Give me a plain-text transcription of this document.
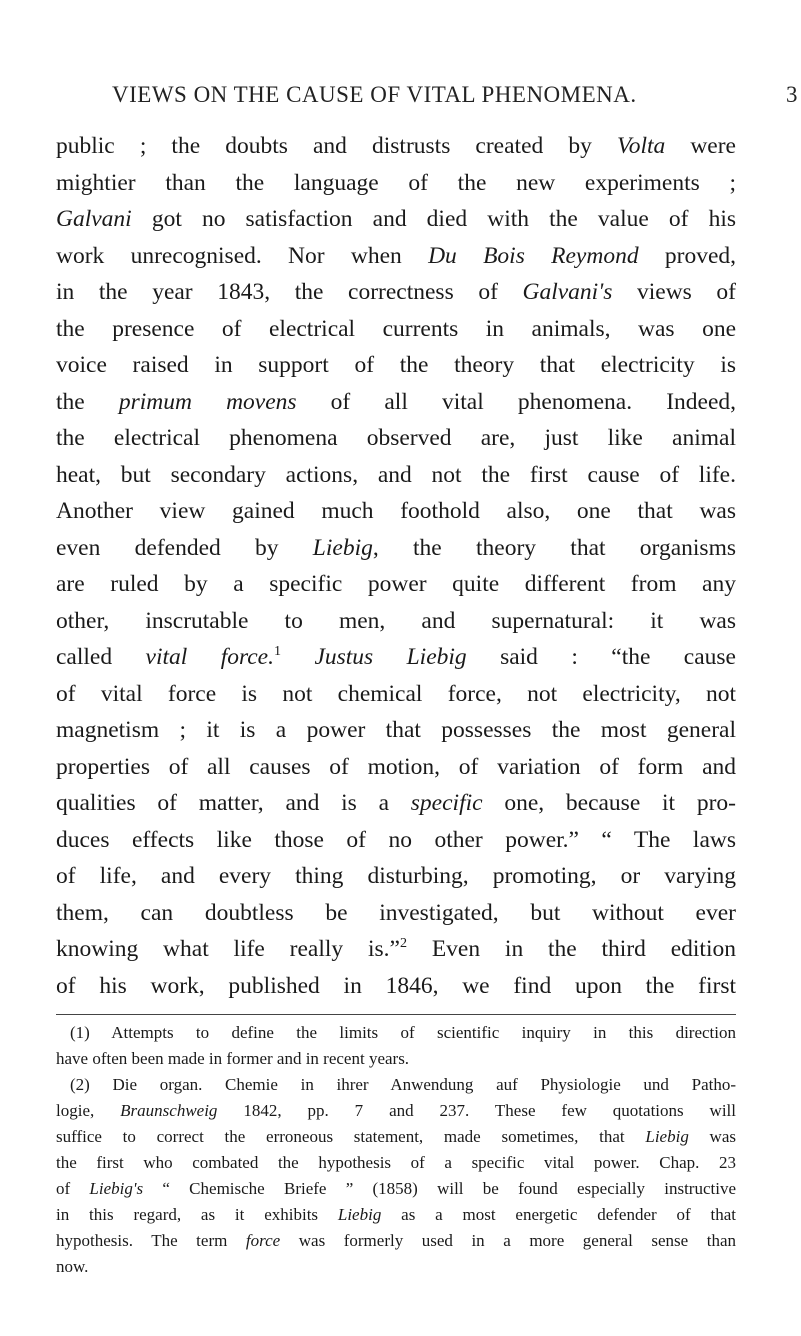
VIEWS ON THE CAUSE OF VITAL PHENOMENA.	3
public ; the doubts and distrusts created by Volta were
mightier than the language of the new experiments ;
Galvani got no satisfaction and died with the value of his
work unrecognised. Nor when Du Bois Reymond proved,
in the year 1843, the correctness of Galvani's views of
the presence of electrical currents in animals, was one
voice raised in support of the theory that electricity is
the primum movens of all vital phenomena. Indeed,
the electrical phenomena observed are, just like animal
heat, but secondary actions, and not the first cause of life.
Another view gained much foothold also, one that was
even defended by Liebig, the theory that organisms
are ruled by a specific power quite different from any
other, inscrutable to men, and supernatural: it was
called vital force.$^1$ Justus Liebig said : “the cause
of vital force is not chemical force, not electricity, not
magnetism ; it is a power that possesses the most general
properties of all causes of motion, of variation of form and
qualities of matter, and is a specific one, because it pro-
duces effects like those of no other power.” “ The laws
of life, and every thing disturbing, promoting, or varying
them, can doubtless be investigated, but without ever
knowing what life really is.”$^2$ Even in the third edition
of his work, published in 1846, we find upon the first
(1) Attempts to define the limits of scientific inquiry in this direction
have often been made in former and in recent years.
(2) Die organ. Chemie in ihrer Anwendung auf Physiologie und Patho-
logie, Braunschweig 1842, pp. 7 and 237. These few quotations will
suffice to correct the erroneous statement, made sometimes, that Liebig was
the first who combated the hypothesis of a specific vital power. Chap. 23
of Liebig's “ Chemische Briefe ” (1858) will be found especially instructive
in this regard, as it exhibits Liebig as a most energetic defender of that
hypothesis. The term force was formerly used in a more general sense than
now.
